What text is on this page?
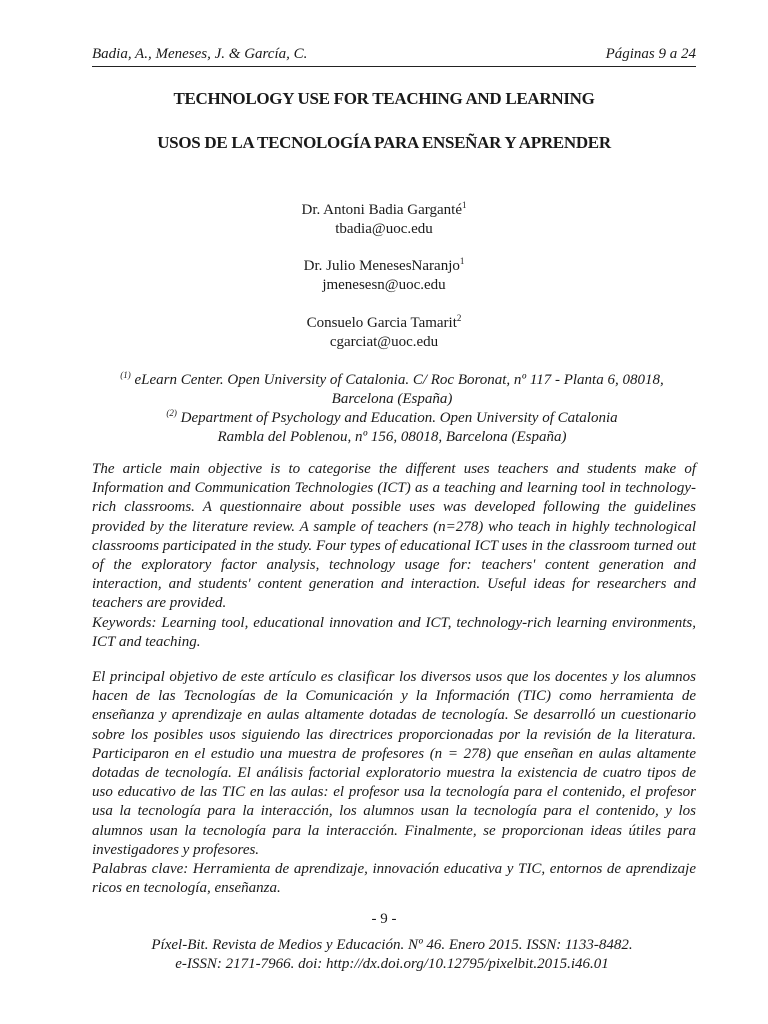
Badia, A., Meneses, J. & García, C.	Páginas 9 a 24
TECHNOLOGY USE FOR TEACHING AND LEARNING
USOS DE LA TECNOLOGÍA PARA ENSEÑAR Y APRENDER
Dr. Antoni Badia Garganté$^1$
tbadia@uoc.edu
Dr. Julio MenesesNaranjo$^1$
jmenesesn@uoc.edu
Consuelo Garcia Tamarit$^2$
cgarciat@uoc.edu
$^{(1)}$ eLearn Center. Open University of Catalonia. C/ Roc Boronat, nº 117 - Planta 6, 08018,
Barcelona (España)
$^{(2)}$ Department of Psychology and Education. Open University of Catalonia
Rambla del Poblenou, nº 156, 08018, Barcelona (España)

The article main objective is to categorise the different uses teachers and students make of Information and Communication Technologies (ICT) as a teaching and learning tool in technology-rich classrooms. A questionnaire about possible uses was developed following the guidelines provided by the literature review. A sample of teachers (n=278) who teach in highly technological classrooms participated in the study. Four types of educational ICT uses in the classroom turned out of the exploratory factor analysis, technology usage for: teachers' content generation and interaction, and students' content generation and interaction. Useful ideas for researchers and teachers are provided.

Keywords: Learning tool, educational innovation and ICT, technology-rich learning environments, ICT and teaching.

El principal objetivo de este artículo es clasificar los diversos usos que los docentes y los alumnos hacen de las Tecnologías de la Comunicación y la Información (TIC) como herramienta de enseñanza y aprendizaje en aulas altamente dotadas de tecnología. Se desarrolló un cuestionario sobre los posibles usos siguiendo las directrices proporcionadas por la revisión de la literatura. Participaron en el estudio una muestra de profesores (n = 278) que enseñan en aulas altamente dotadas de tecnología. El análisis factorial exploratorio muestra la existencia de cuatro tipos de uso educativo de las TIC en las aulas: el profesor usa la tecnología para el contenido, el profesor usa la tecnología para la interacción, los alumnos usan la tecnología para el contenido, y los alumnos usan la tecnología para la interacción. Finalmente, se proporcionan ideas útiles para investigadores y profesores.

Palabras clave: Herramienta de aprendizaje, innovación educativa y TIC, entornos de aprendizaje ricos en tecnología, enseñanza.

- 9 -
Píxel-Bit. Revista de Medios y Educación. Nº 46. Enero 2015. ISSN: 1133-8482.
e-ISSN: 2171-7966. doi: http://dx.doi.org/10.12795/pixelbit.2015.i46.01
